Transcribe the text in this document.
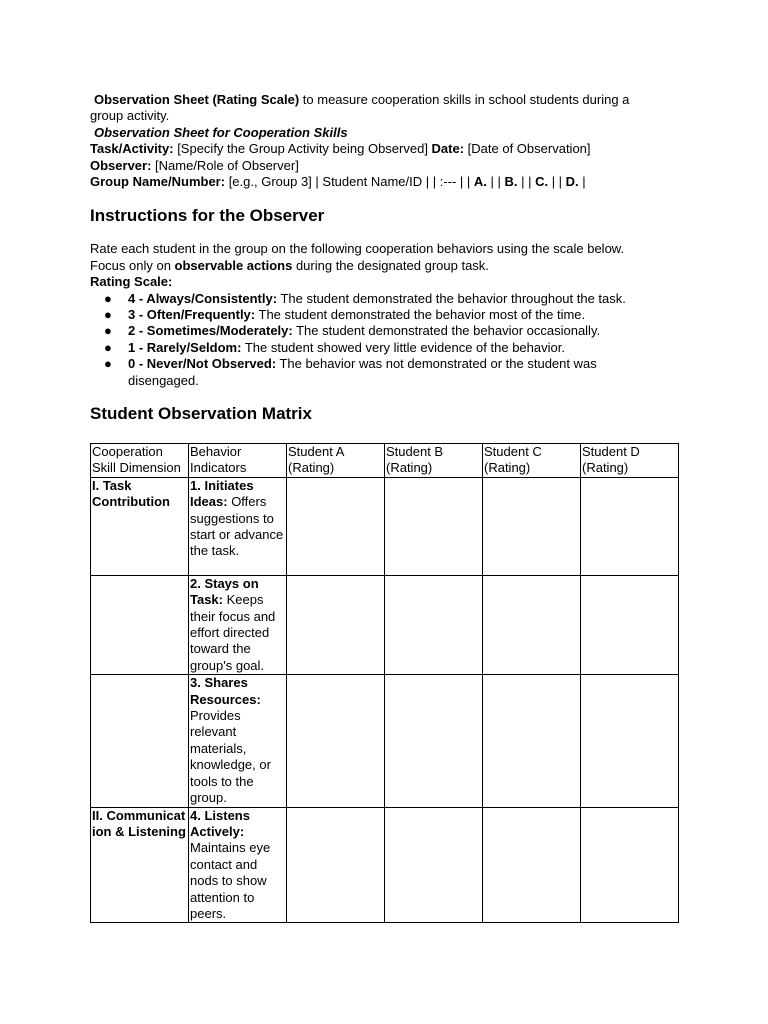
Observation Sheet (Rating Scale) to measure cooperation skills in school students during a

group activity.

Observation Sheet for Cooperation Skills

Task/Activity: [Specify the Group Activity being Observed] Date: [Date of Observation]

Observer: [Name/Role of Observer]

Group Name/Number: [e.g., Group 3] | Student Name/ID | | :--- | | A. | | B. | | C. | | D. |

Instructions for the Observer

Rate each student in the group on the following cooperation behaviors using the scale below.

Focus only on observable actions during the designated group task.

Rating Scale:

● 4 - Always/Consistently: The student demonstrated the behavior throughout the task.
● 3 - Often/Frequently: The student demonstrated the behavior most of the time.
● 2 - Sometimes/Moderately: The student demonstrated the behavior occasionally.
● 1 - Rarely/Seldom: The student showed very little evidence of the behavior.
● 0 - Never/Not Observed: The behavior was not demonstrated or the student was disengaged.
Student Observation Matrix
Cooperation Skill Dimension	Behavior Indicators	Student A (Rating)	Student B (Rating)	Student C (Rating)	Student D (Rating)
I. Task Contribution	1. Initiates Ideas: Offers suggestions to start or advance the task.				
	2. Stays on Task: Keeps their focus and effort directed toward the group's goal.				
	3. Shares Resources: Provides relevant materials, knowledge, or tools to the group.				
II. Communication & Listening	4. Listens Actively: Maintains eye contact and nods to show attention to peers.				
